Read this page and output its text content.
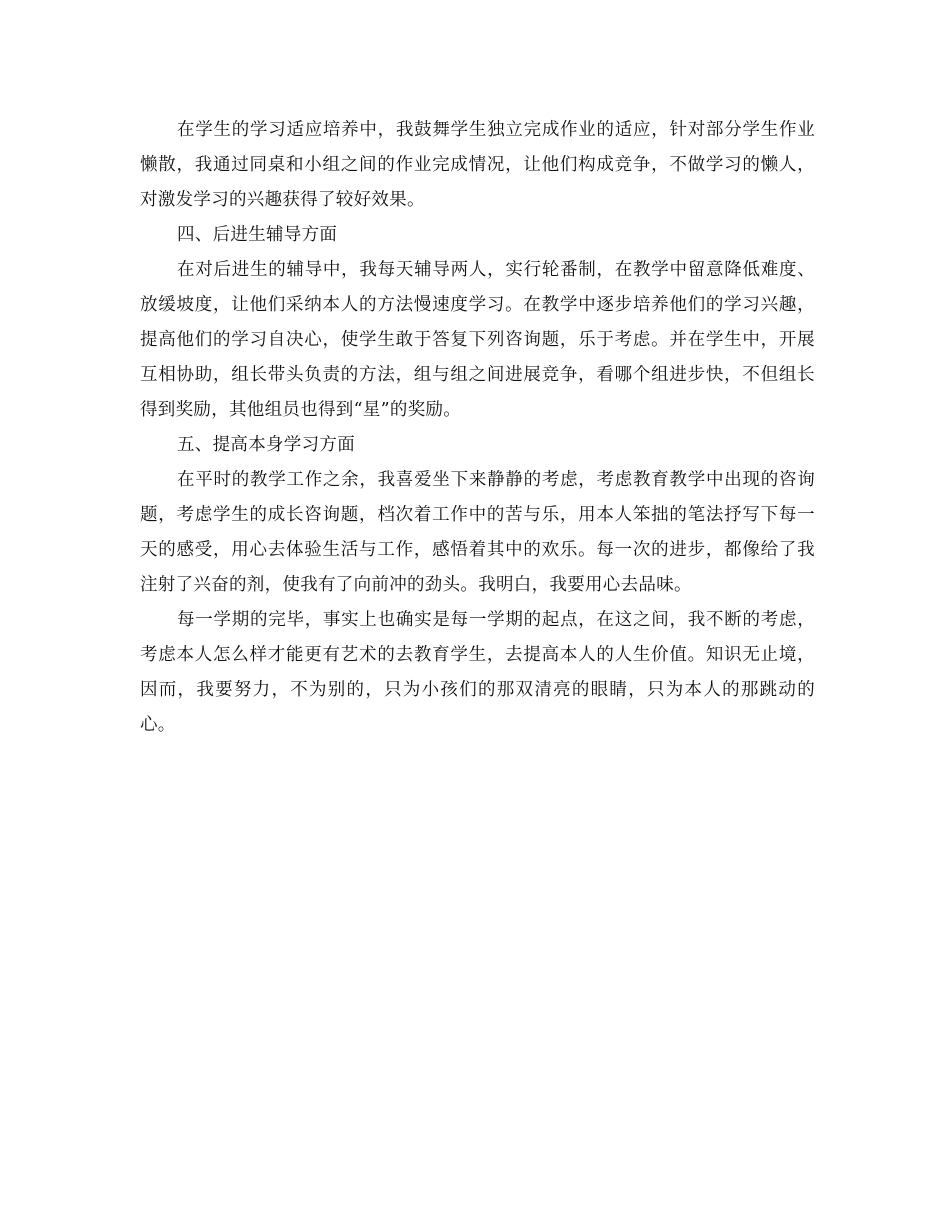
在学生的学习适应培养中，我鼓舞学生独立完成作业的适应，针对部分学生作业懒散，我通过同桌和小组之间的作业完成情况，让他们构成竞争，不做学习的懒人，对激发学习的兴趣获得了较好效果。

四、后进生辅导方面

在对后进生的辅导中，我每天辅导两人，实行轮番制，在教学中留意降低难度、放缓坡度，让他们采纳本人的方法慢速度学习。在教学中逐步培养他们的学习兴趣，提高他们的学习自决心，使学生敢于答复下列咨询题，乐于考虑。并在学生中，开展互相协助，组长带头负责的方法，组与组之间进展竞争，看哪个组进步快，不但组长得到奖励，其他组员也得到“星”的奖励。

五、提高本身学习方面

在平时的教学工作之余，我喜爱坐下来静静的考虑，考虑教育教学中出现的咨询题，考虑学生的成长咨询题，档次着工作中的苦与乐，用本人笨拙的笔法抒写下每一天的感受，用心去体验生活与工作，感悟着其中的欢乐。每一次的进步，都像给了我注射了兴奋的剂，使我有了向前冲的劲头。我明白，我要用心去品味。

每一学期的完毕，事实上也确实是每一学期的起点，在这之间，我不断的考虑，考虑本人怎么样才能更有艺术的去教育学生，去提高本人的人生价值。知识无止境，因而，我要努力，不为别的，只为小孩们的那双清亮的眼睛，只为本人的那跳动的心。
